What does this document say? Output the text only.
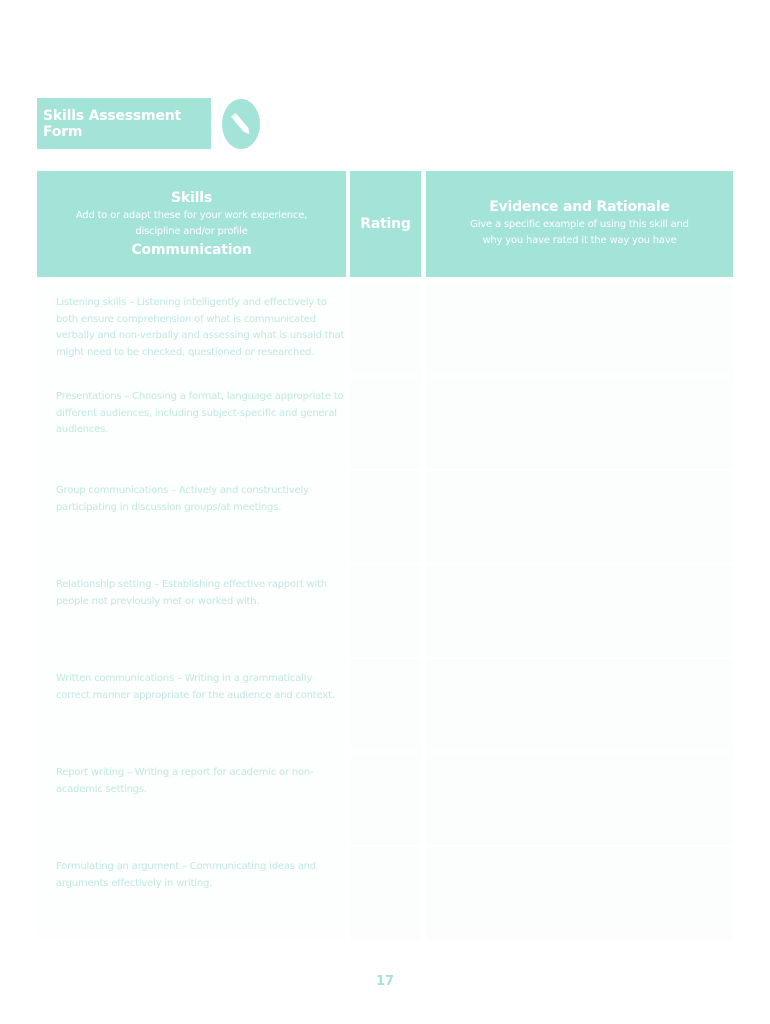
Skills Assessment Form
Skills
Add to or adapt these for your work experience, discipline and/or profile
Communication
Rating
Evidence and Rationale
Give a specific example of using this skill and why you have rated it the way you have
Listening skills – Listening intelligently and effectively to both ensure comprehension of what is communicated verbally and non-verbally and assessing what is unsaid that might need to be checked, questioned or researched.
Presentations – Choosing a format, language appropriate to different audiences, including subject-specific and general audiences.
Group communications – Actively and constructively participating in discussion groups/at meetings.
Relationship setting – Establishing effective rapport with people not previously met or worked with.
Written communications – Writing in a grammatically correct manner appropriate for the audience and context.
Report writing – Writing a report for academic or non-academic settings.
Formulating an argument – Communicating ideas and arguments effectively in writing.
17
